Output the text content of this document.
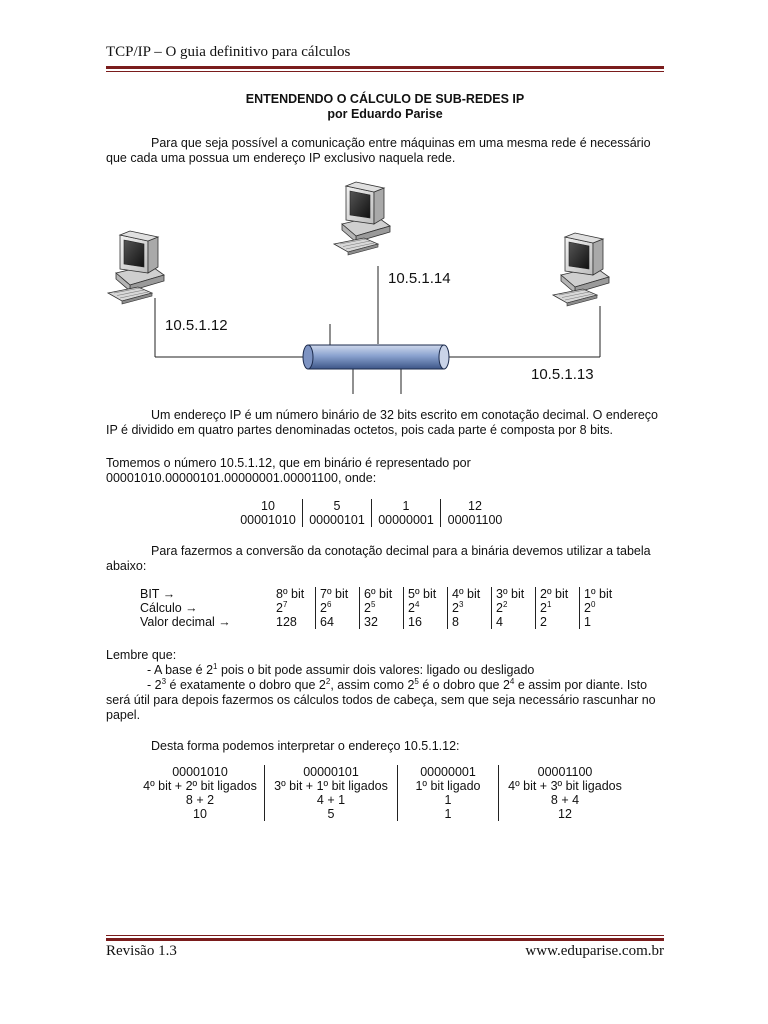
TCP/IP – O guia definitivo para cálculos
ENTENDENDO O CÁLCULO DE SUB-REDES IP
por Eduardo Parise
Para que seja possível a comunicação entre máquinas em uma mesma rede é necessário
que cada uma possua um endereço IP exclusivo naquela rede.
10.5.1.14
10.5.1.12
10.5.1.13
Um endereço IP é um número binário de 32 bits escrito em conotação decimal. O endereço
IP é dividido em quatro partes denominadas octetos, pois cada parte é composta por 8 bits.
Tomemos o número 10.5.1.12, que em binário é representado por
00001010.00000101.00000001.00001100, onde:
10	5	1	12
00001010	00000101	00000001	00001100
Para fazermos a conversão da conotação decimal para a binária devemos utilizar a tabela
abaixo:
BIT →	8º bit	7º bit	6º bit	5º bit	4º bit	3º bit	2º bit	1º bit
Cálculo →	$2^7$	$2^6$	$2^5$	$2^4$	$2^3$	$2^2$	$2^1$	$2^0$
Valor decimal →	128	64	32	16	8	4	2	1
Lembre que:
- A base é $2^1$ pois o bit pode assumir dois valores: ligado ou desligado
- $2^3$ é exatamente o dobro que $2^2$, assim como $2^5$ é o dobro que $2^4$ e assim por diante. Isto
será útil para depois fazermos os cálculos todos de cabeça, sem que seja necessário rascunhar no
papel.
Desta forma podemos interpretar o endereço 10.5.1.12:
00001010	00000101	00000001	00001100
4º bit + 2º bit ligados	3º bit + 1º bit ligados	1º bit ligado	4º bit + 3º bit ligados
8 + 2	4 + 1	1	8 + 4
10	5	1	12
Revisão 1.3	www.eduparise.com.br
